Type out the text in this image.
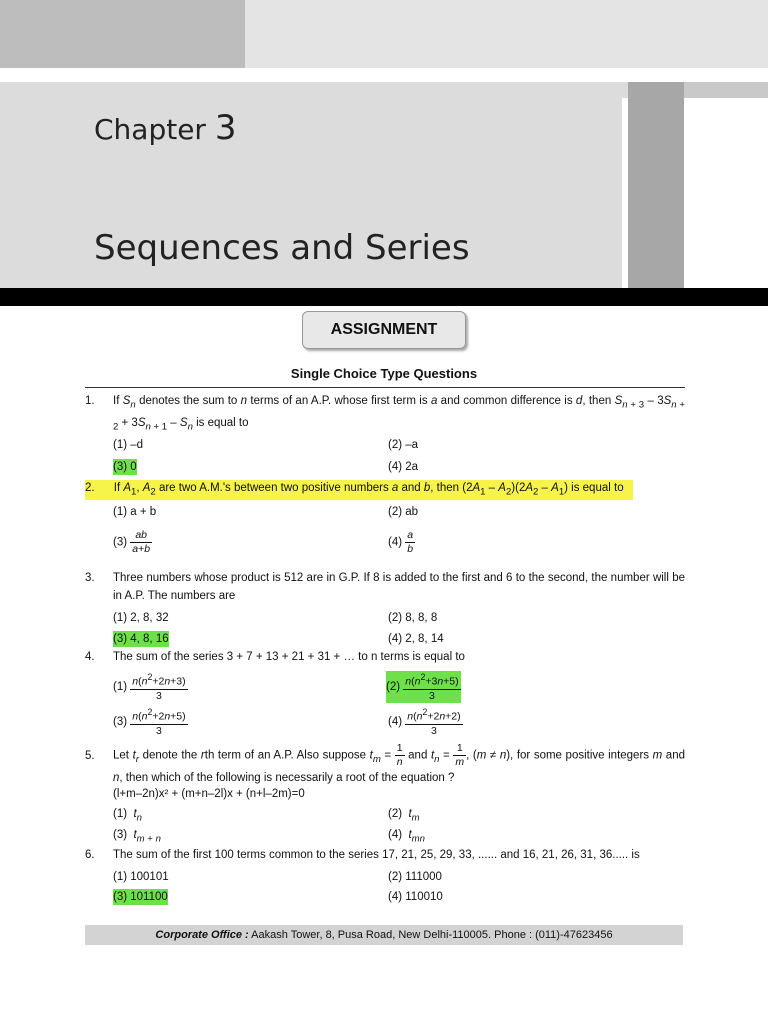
Chapter 3
Sequences and Series
ASSIGNMENT
Single Choice Type Questions
1. If $S_n$ denotes the sum to n terms of an A.P. whose first term is a and common difference is d, then $S_{n + 3} - 3S_{n + 2} + 3S_{n + 1} - S_n$ is equal to
(1) –d	(2) –a
(3) 0	(4) 2a
2.      If $A_1$, $A_2$ are two A.M.'s between two positive numbers a and b, then $(2A_1 - A_2)(2A_2 - A_1)$ is equal to
(1) a + b	(2) ab
$(3) \frac{ab}{a+b}$	$(4) \frac{a}{b}$
3. Three numbers whose product is 512 are in G.P. If 8 is added to the first and 6 to the second, the number will be in A.P. The numbers are
(1) 2, 8, 32	(2) 8, 8, 8
(3) 4, 8, 16	(4) 2, 8, 14
4. The sum of the series 3 + 7 + 13 + 21 + 31 + … to n terms is equal to
$(1) \frac{n(n^2+2n+3)}{3}$	$(2) \frac{n(n^2+3n+5)}{3}$
$(3) \frac{n(n^2+2n+5)}{3}$	$(4) \frac{n(n^2+2n+2)}{3}$
5. Let $t_r$ denote the rth term of an A.P. Also suppose $t_m = \frac{1}{n}$ and $t_n = \frac{1}{m}$ , (m ≠ n), for some positive integers m and n, then which of the following is necessarily a root of the equation ?
(l+m–2n)x² + (m+n–2l)x + (n+l–2m)=0
(1) $t_n$	(2) $t_m$
(3) $t_{m + n}$	(4) $t_{mn}$
6. The sum of the first 100 terms common to the series 17, 21, 25, 29, 33, ...... and 16, 21, 26, 31, 36..... is
(1) 100101	(2) 111000
(3) 101100	(4) 110010
Corporate Office : Aakash Tower, 8, Pusa Road, New Delhi-110005. Phone : (011)-47623456
